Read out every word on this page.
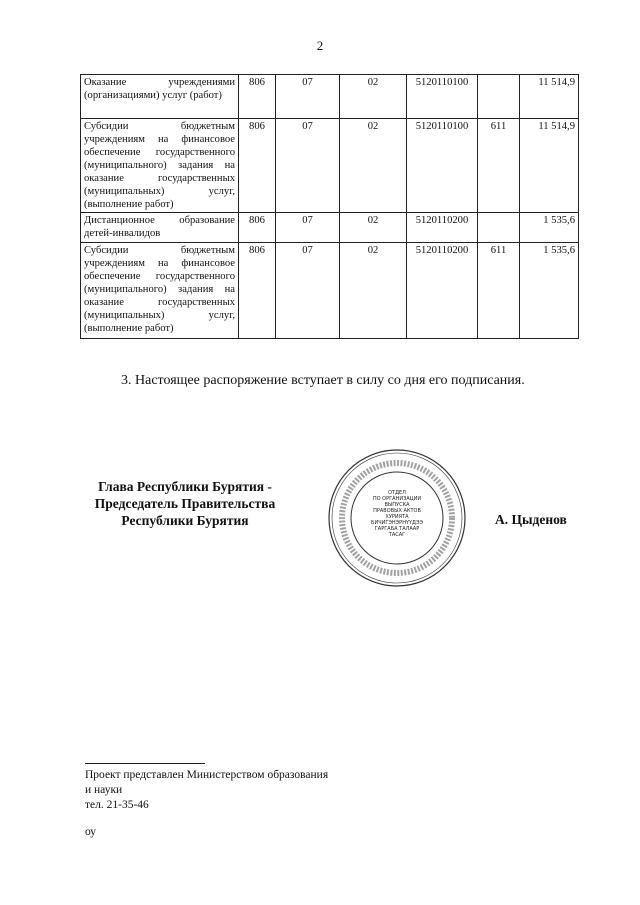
2
Оказание учреждениями (организациями) услуг (работ)	806	07	02	5120110100		11 514,9
Субсидии бюджетным учреждениям на финансовое обеспечение государственного (муниципального) задания на оказание государственных (муниципальных) услуг, (выполнение работ)	806	07	02	5120110100	611	11 514,9
Дистанционное образование детей-инвалидов	806	07	02	5120110200		1 535,6
Субсидии бюджетным учреждениям на финансовое обеспечение государственного (муниципального) задания на оказание государственных (муниципальных) услуг, (выполнение работ)	806	07	02	5120110200	611	1 535,6
3. Настоящее распоряжение вступает в силу со дня его подписания.
Глава Республики Бурятия -
Председатель Правительства
Республики Бурятия
ОТДЕЛ
ПО ОРГАНИЗАЦИИ
ВЫПУСКА
ПРАВОВЫХ АКТОВ
ХУРИЯТА
БИЧИГЭНЭРНҮҮДЭЭ
ГАРГАБА ТАЛААР
ТАСАГ
А. Цыденов
Проект представлен Министерством образования
и науки
тел. 21-35-46
оу
